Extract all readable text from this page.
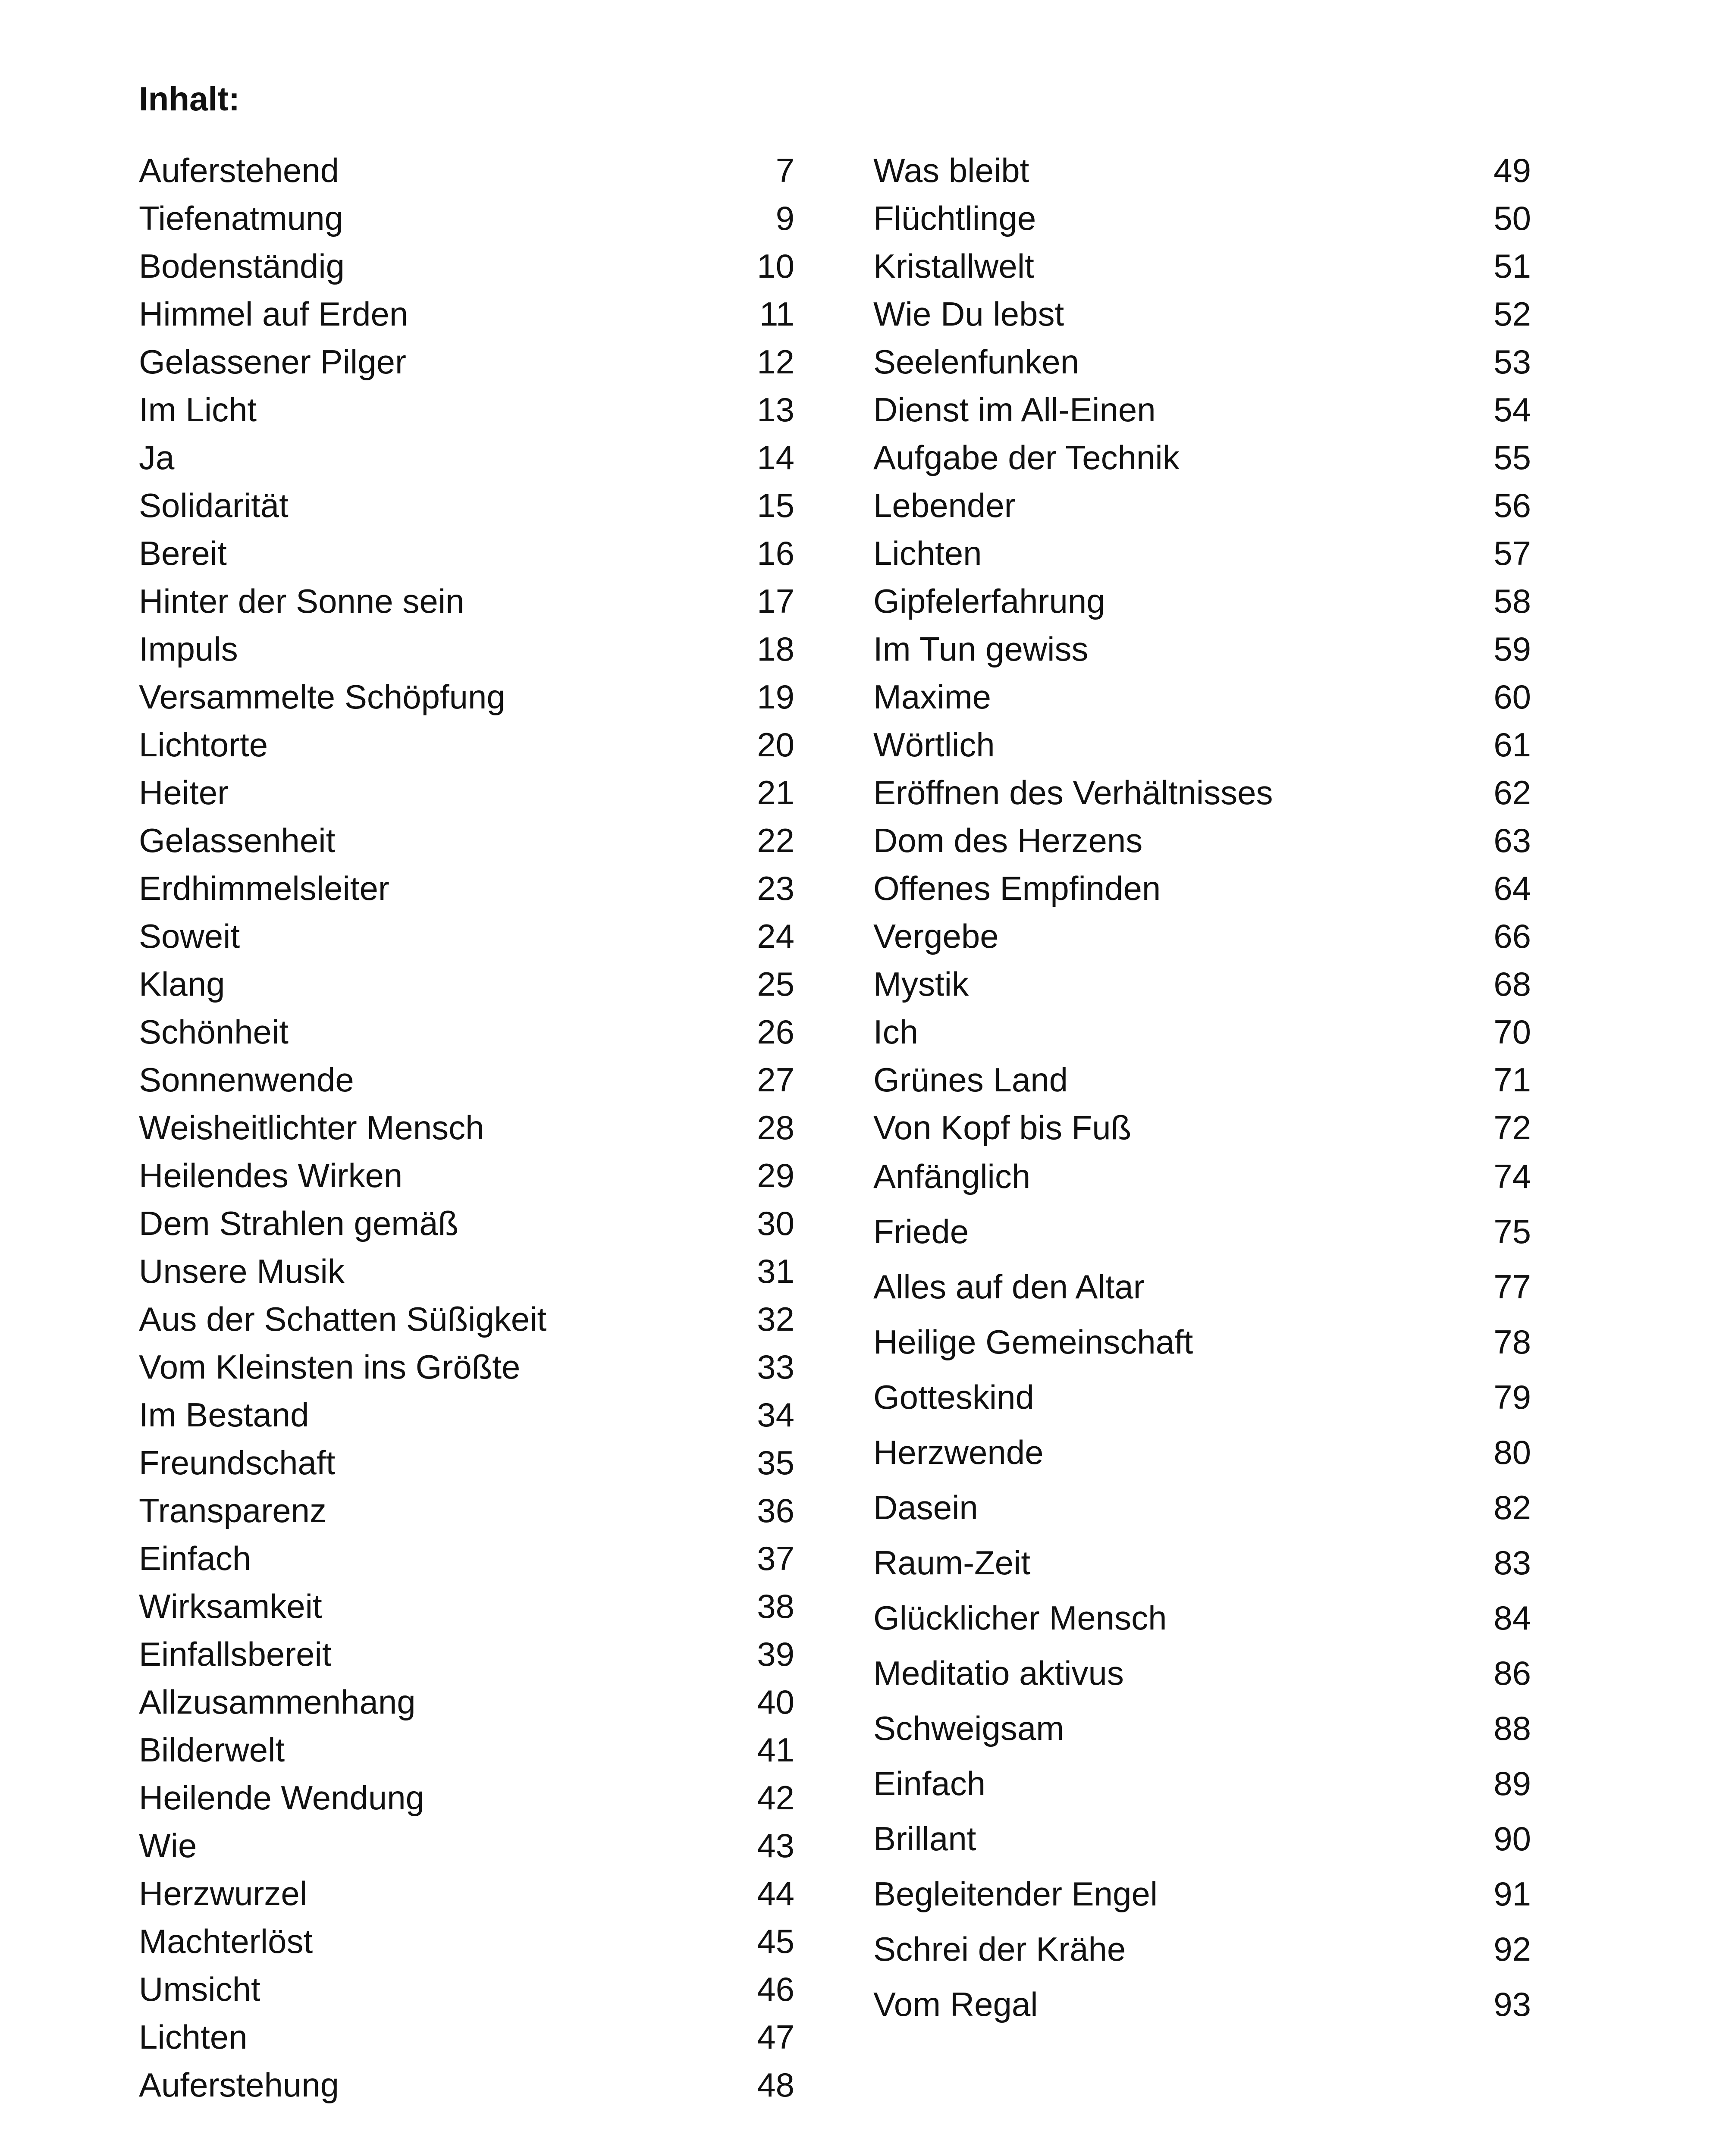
Inhalt:
Auferstehend	7
Tiefenatmung	9
Bodenständig	10
Himmel auf Erden	11
Gelassener Pilger	12
Im Licht	13
Ja	14
Solidarität	15
Bereit	16
Hinter der Sonne sein	17
Impuls	18
Versammelte Schöpfung	19
Lichtorte	20
Heiter	21
Gelassenheit	22
Erdhimmelsleiter	23
Soweit	24
Klang	25
Schönheit	26
Sonnenwende	27
Weisheitlichter Mensch	28
Heilendes Wirken	29
Dem Strahlen gemäß	30
Unsere Musik	31
Aus der Schatten Süßigkeit	32
Vom Kleinsten ins Größte	33
Im Bestand	34
Freundschaft	35
Transparenz	36
Einfach	37
Wirksamkeit	38
Einfallsbereit	39
Allzusammenhang	40
Bilderwelt	41
Heilende Wendung	42
Wie	43
Herzwurzel	44
Machterlöst	45
Umsicht	46
Lichten	47
Auferstehung	48
Was bleibt	49
Flüchtlinge	50
Kristallwelt	51
Wie Du lebst	52
Seelenfunken	53
Dienst im All-Einen	54
Aufgabe der Technik	55
Lebender	56
Lichten	57
Gipfelerfahrung	58
Im Tun gewiss	59
Maxime	60
Wörtlich	61
Eröffnen des Verhältnisses	62
Dom des Herzens	63
Offenes Empfinden	64
Vergebe	66
Mystik	68
Ich	70
Grünes Land	71
Von Kopf bis Fuß	72
Anfänglich	74
Friede	75
Alles auf den Altar	77
Heilige Gemeinschaft	78
Gotteskind	79
Herzwende	80
Dasein	82
Raum-Zeit	83
Glücklicher Mensch	84
Meditatio aktivus	86
Schweigsam	88
Einfach	89
Brillant	90
Begleitender Engel	91
Schrei der Krähe	92
Vom Regal	93
